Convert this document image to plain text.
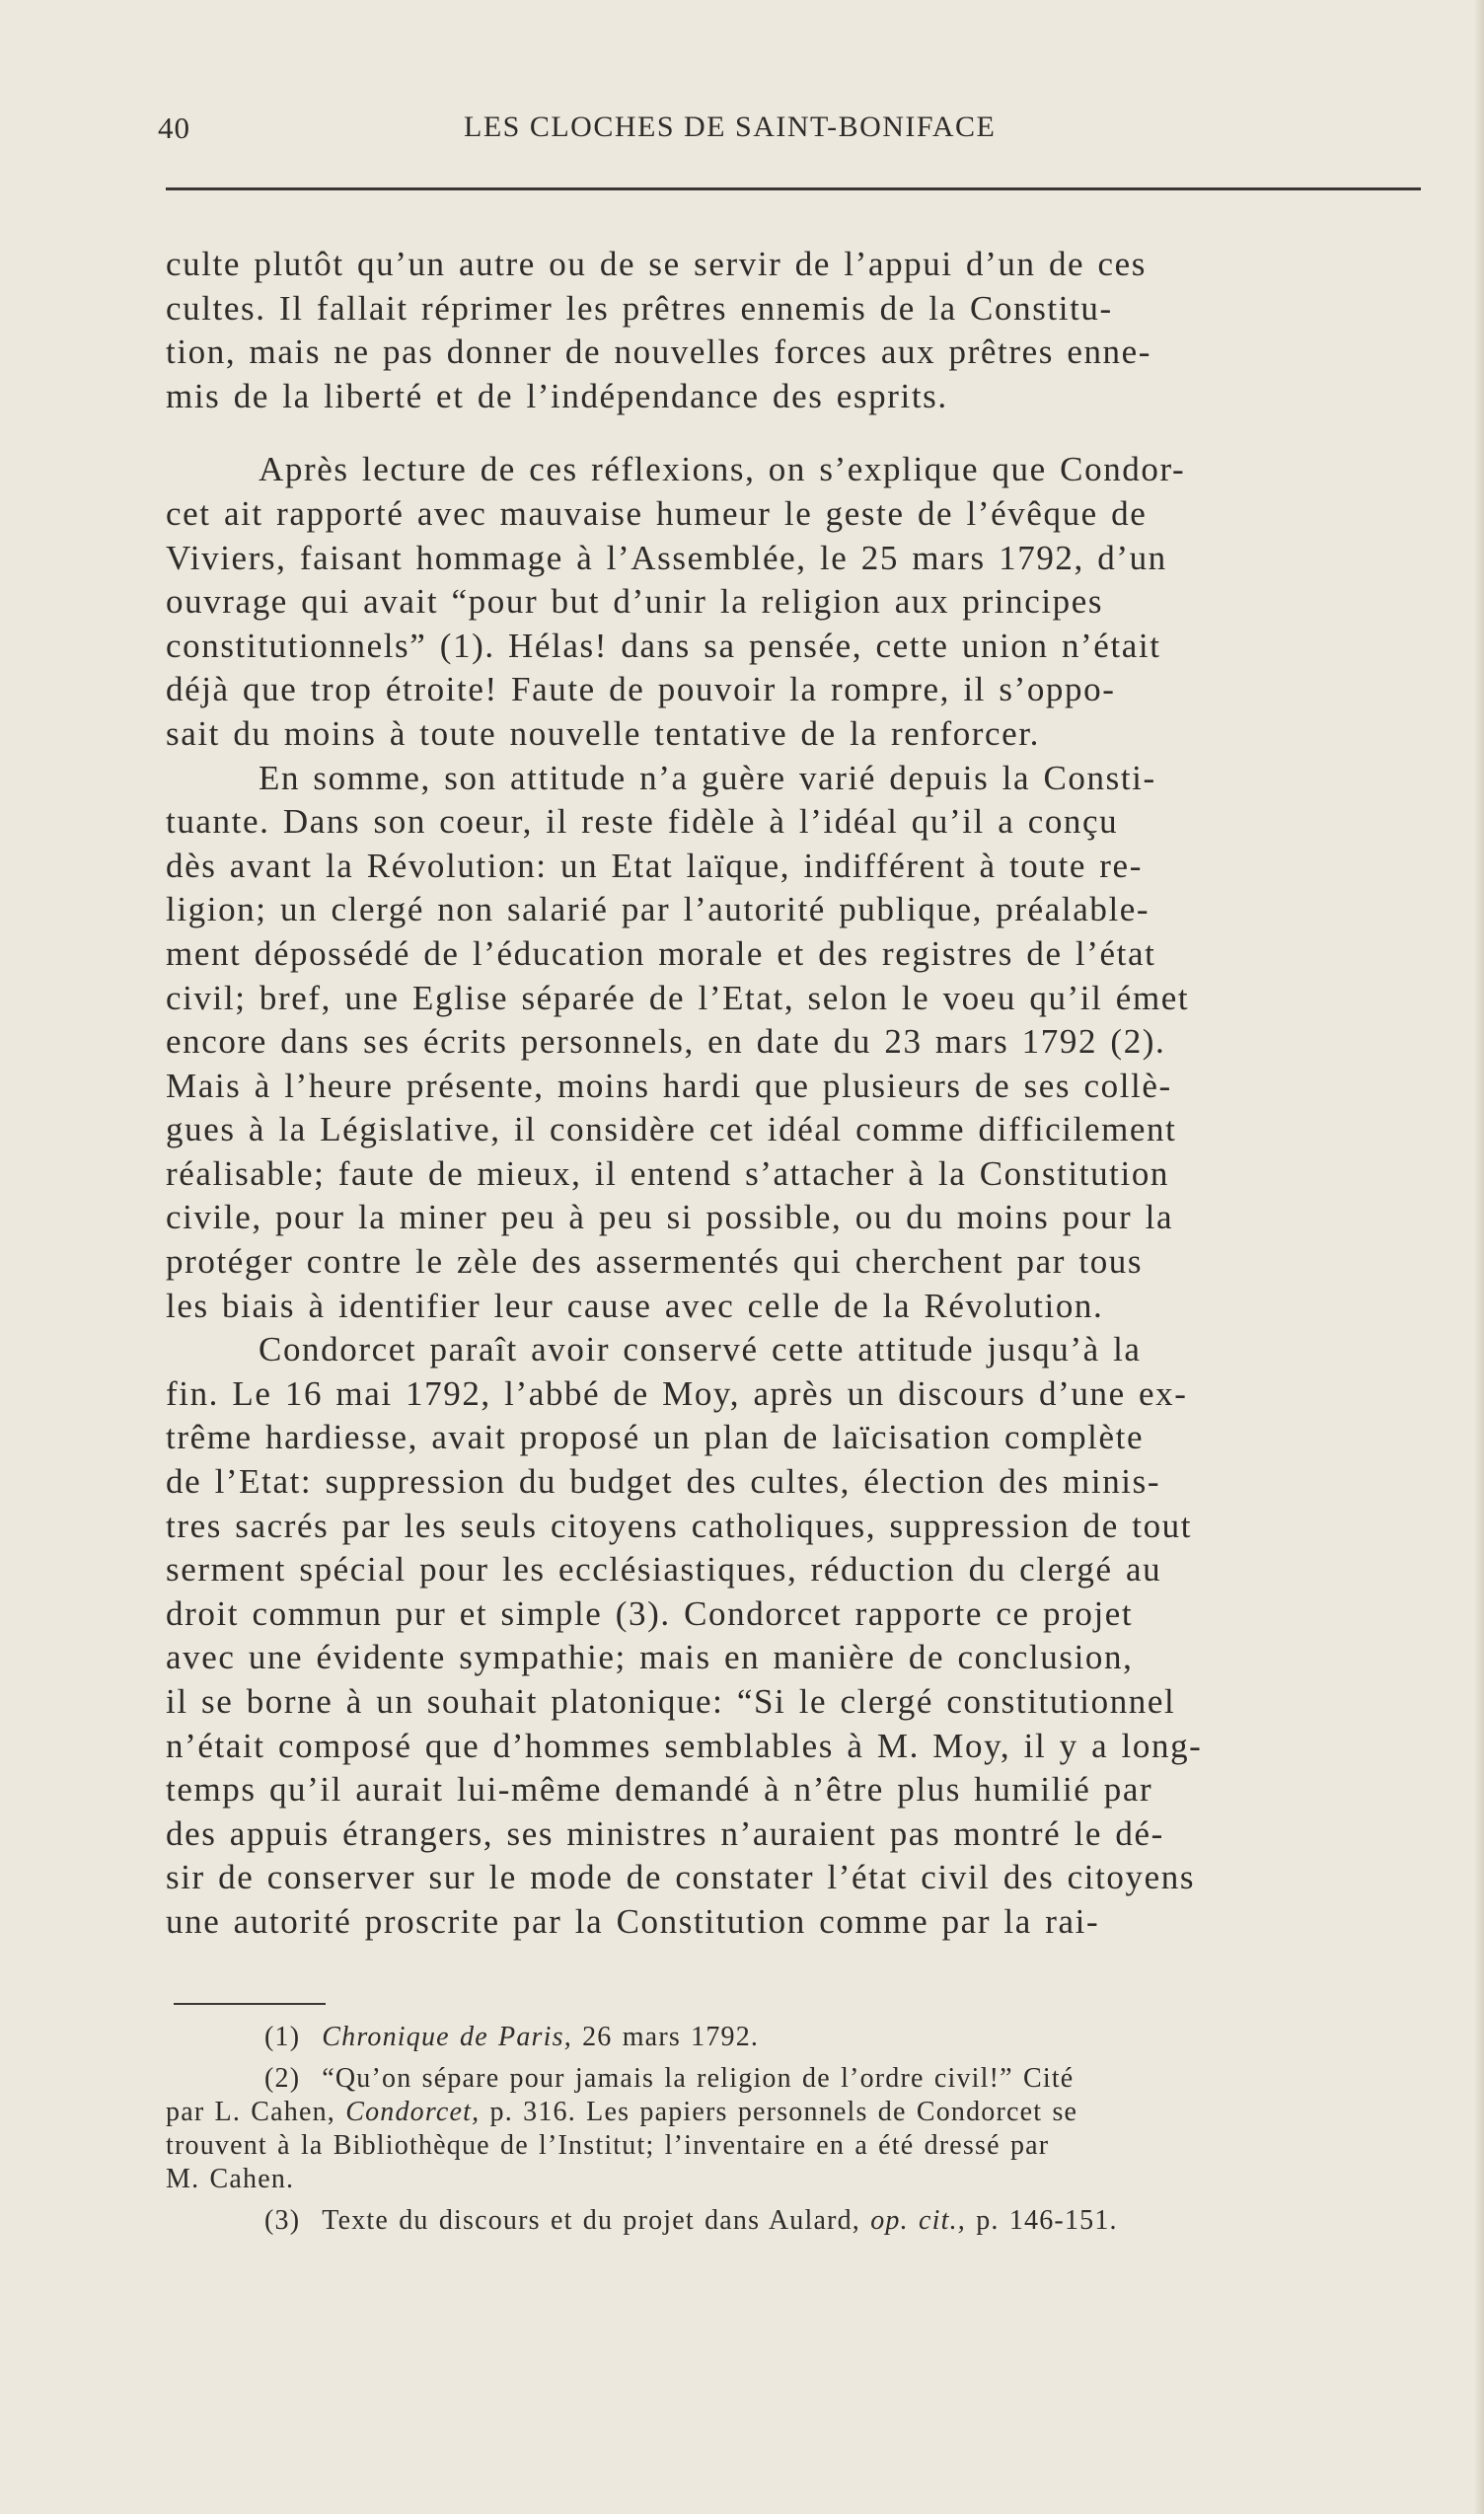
40	LES CLOCHES DE SAINT-BONIFACE
culte plutôt qu’un autre ou de se servir de l’appui d’un de ces
cultes. Il fallait réprimer les prêtres ennemis de la Constitu-
tion, mais ne pas donner de nouvelles forces aux prêtres enne-
mis de la liberté et de l’indépendance des esprits.
Après lecture de ces réflexions, on s’explique que Condor-
cet ait rapporté avec mauvaise humeur le geste de l’évêque de
Viviers, faisant hommage à l’Assemblée, le 25 mars 1792, d’un
ouvrage qui avait “pour but d’unir la religion aux principes
constitutionnels” (1). Hélas! dans sa pensée, cette union n’était
déjà que trop étroite! Faute de pouvoir la rompre, il s’oppo-
sait du moins à toute nouvelle tentative de la renforcer.
En somme, son attitude n’a guère varié depuis la Consti-
tuante. Dans son coeur, il reste fidèle à l’idéal qu’il a conçu
dès avant la Révolution: un Etat laïque, indifférent à toute re-
ligion; un clergé non salarié par l’autorité publique, préalable-
ment dépossédé de l’éducation morale et des registres de l’état
civil; bref, une Eglise séparée de l’Etat, selon le voeu qu’il émet
encore dans ses écrits personnels, en date du 23 mars 1792 (2).
Mais à l’heure présente, moins hardi que plusieurs de ses collè-
gues à la Législative, il considère cet idéal comme difficilement
réalisable; faute de mieux, il entend s’attacher à la Constitution
civile, pour la miner peu à peu si possible, ou du moins pour la
protéger contre le zèle des assermentés qui cherchent par tous
les biais à identifier leur cause avec celle de la Révolution.
Condorcet paraît avoir conservé cette attitude jusqu’à la
fin. Le 16 mai 1792, l’abbé de Moy, après un discours d’une ex-
trême hardiesse, avait proposé un plan de laïcisation complète
de l’Etat: suppression du budget des cultes, élection des minis-
tres sacrés par les seuls citoyens catholiques, suppression de tout
serment spécial pour les ecclésiastiques, réduction du clergé au
droit commun pur et simple (3). Condorcet rapporte ce projet
avec une évidente sympathie; mais en manière de conclusion,
il se borne à un souhait platonique: “Si le clergé constitutionnel
n’était composé que d’hommes semblables à M. Moy, il y a long-
temps qu’il aurait lui-même demandé à n’être plus humilié par
des appuis étrangers, ses ministres n’auraient pas montré le dé-
sir de conserver sur le mode de constater l’état civil des citoyens
une autorité proscrite par la Constitution comme par la rai-
(1) Chronique de Paris, 26 mars 1792.
(2) “Qu’on sépare pour jamais la religion de l’ordre civil!” Cité
par L. Cahen, Condorcet, p. 316. Les papiers personnels de Condorcet se
trouvent à la Bibliothèque de l’Institut; l’inventaire en a été dressé par
M. Cahen.
(3) Texte du discours et du projet dans Aulard, op. cit., p. 146-151.
